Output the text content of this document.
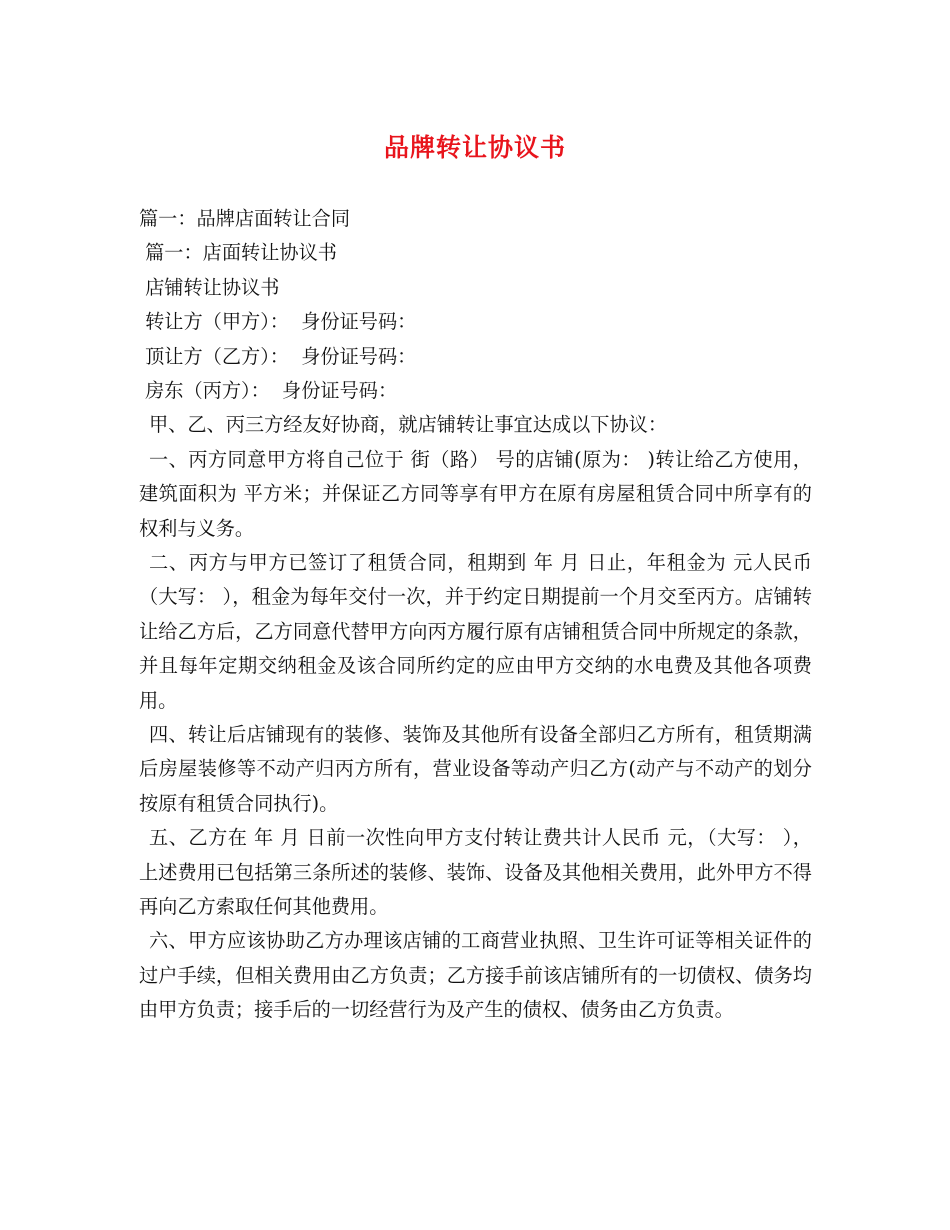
品牌转让协议书
篇一：品牌店面转让合同
篇一：店面转让协议书
店铺转让协议书
转让方（甲方）：  身份证号码：
顶让方（乙方）：  身份证号码：
房东（丙方）：  身份证号码：
甲、乙、丙三方经友好协商，就店铺转让事宜达成以下协议：
一、丙方同意甲方将自己位于 街（路） 号的店铺(原为： )转让给乙方使用，建筑面积为 平方米；并保证乙方同等享有甲方在原有房屋租赁合同中所享有的权利与义务。
二、丙方与甲方已签订了租赁合同，租期到 年 月 日止，年租金为 元人民币（大写： ），租金为每年交付一次，并于约定日期提前一个月交至丙方。店铺转让给乙方后，乙方同意代替甲方向丙方履行原有店铺租赁合同中所规定的条款，并且每年定期交纳租金及该合同所约定的应由甲方交纳的水电费及其他各项费用。
四、转让后店铺现有的装修、装饰及其他所有设备全部归乙方所有，租赁期满后房屋装修等不动产归丙方所有，营业设备等动产归乙方(动产与不动产的划分按原有租赁合同执行)。
五、乙方在 年 月 日前一次性向甲方支付转让费共计人民币 元，（大写： ），上述费用已包括第三条所述的装修、装饰、设备及其他相关费用，此外甲方不得再向乙方索取任何其他费用。
六、甲方应该协助乙方办理该店铺的工商营业执照、卫生许可证等相关证件的过户手续，但相关费用由乙方负责；乙方接手前该店铺所有的一切债权、债务均由甲方负责；接手后的一切经营行为及产生的债权、债务由乙方负责。
